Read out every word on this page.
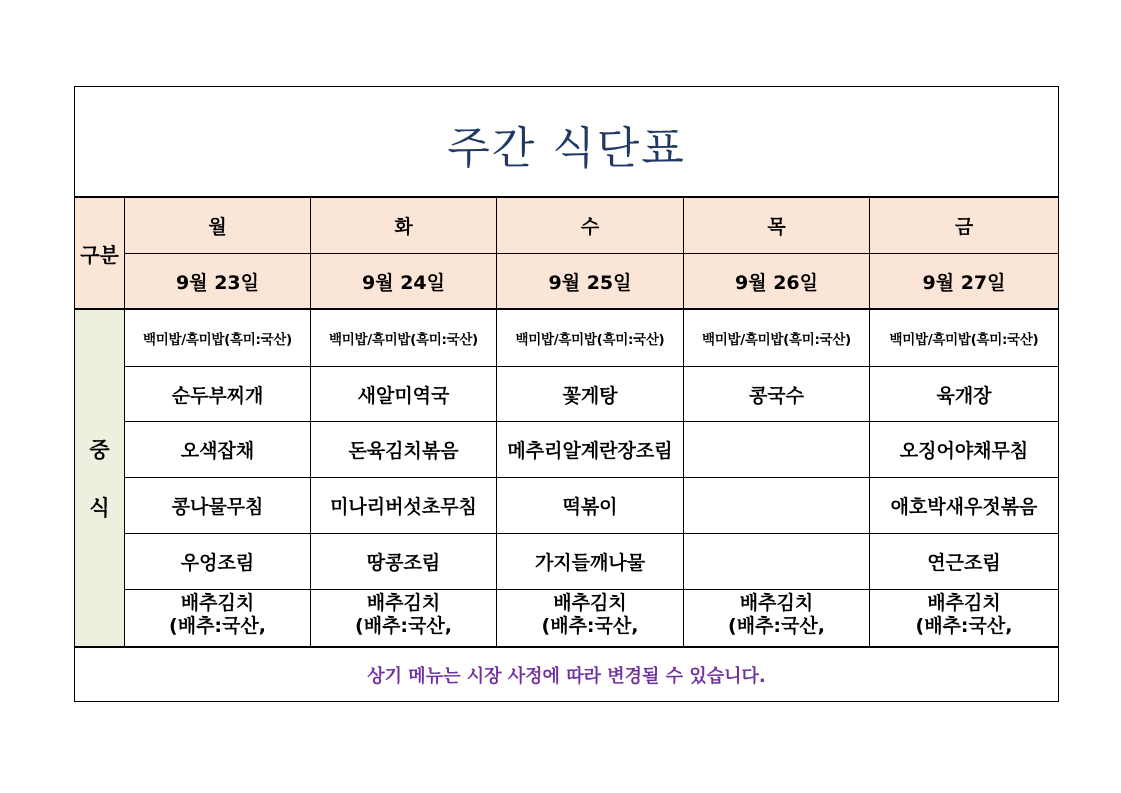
주간 식단표
구분
중
식
월
9월 23일
백미밥/흑미밥(흑미:국산)
순두부찌개
오색잡채
콩나물무침
우엉조림
배추김치
(배추:국산,
화
9월 24일
백미밥/흑미밥(흑미:국산)
새알미역국
돈육김치볶음
미나리버섯초무침
땅콩조림
배추김치
(배추:국산,
수
9월 25일
백미밥/흑미밥(흑미:국산)
꽃게탕
메추리알계란장조림
떡볶이
가지들깨나물
배추김치
(배추:국산,
목
9월 26일
백미밥/흑미밥(흑미:국산)
콩국수
배추김치
(배추:국산,
금
9월 27일
백미밥/흑미밥(흑미:국산)
육개장
오징어야채무침
애호박새우젓볶음
연근조림
배추김치
(배추:국산,
상기 메뉴는 시장 사정에 따라 변경될 수 있습니다.
